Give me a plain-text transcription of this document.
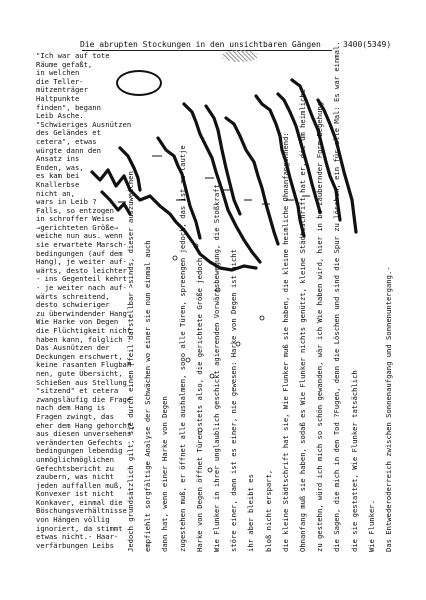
Die abrupten Stockungen in den unsichtbaren Gängen	3400(5349)
"Ich war auf tote
Räume gefaßt,
in welchen
die Teller-
mützenträger
Haltpunkte
finden", begann
Leib Asche.
"Schwieriges Ausnützen
des Geländes et
cetera", etwas
würgte dann den
Ansatz ins
Enden, was,
es kam bei
Knallerbse
nicht an,
wars in Leib ?
Falls, so entzogen
in schroffer Weise
→gerichteten Größe→
weiche nun aus. wenn
sie erwartete Marsch-
bedingungen (auf dem
Hang), je weiter auf-
wärts, desto leichter
- ins Gegenteil kehrt
- je weiter nach auf-
wärts schreitend,
desto schwieriger
zu überwindender Hang.
Wie Harke von Degen
die Flüchtigkeit nicht
haben kann, folglich :
Das Ausnützen der
Deckungen erschwert,
keine rasanten Flugbah-
nen, gute Übersicht,
Schießen aus Stellung
"sitzend" et cetera
zwangsläufig die Frage
nach dem Hang is
Fragen zwingt, das
eher dem Hang gehorcht,
aus diesen unversehens
veränderten Gefechts -
bedingungen lebendig
unmöglichmöglichen
Gefechtsbericht zu
zaubern, was nicht
jeden auffallen muß,
Konvexer ist nicht
Konkaver, einmal die
Böschungsverhältnisse
von Hängen völlig
ignoriert, da stimmt
etwas nicht.- Haar-
verfärbungen Leibs	Jedoch grundsätzlich gilt, sie durch einen Pfeil darstellbar >sinds, dieser auszuweichen empfiehlt sorgfältige Analyse der Schwächen wo einer sie nun einmal auch dann hat, wenn einer Harke von Degen zugestehen muß, er öffnet alle aushalmen, sooo alle Türen, spreengen jedoch, das ist zu lautje Harke von Degen öffnet Türen stets also, die gerichtete Größe jedoch, Wie Flunker in ihrer unglaublich geschickt agierenden Vorwärtsbewegung, die Stoßkraft, störe einer, dann ist es einer, nie gewesen: Harke von Degen ist nicht ihr aber bleibt es bloß nicht erspart, die kleine Städtschrift hat sie, Wie Flunker muß sie haben, die kleine heimliche Ohnanfangohnend: Ohnanfang muß sie haben, sodaß es Wie Flunker nichts genützt, kleine Städteschrift hat er, die um heimliche zu gestehn, würd ich mich so schön gewanden, wär ich Wie haben wird, hier in be zaubernder Form Begehung die Sagen, die mich in den Tod ?Fugen, denn die Löschen und sind die Spur zu löschen, ein für alle Mal: Es war einmal. die sie gestattet, Wie Flunker tatsächlich Wie Flunker. Das Entwederoderreich zwischen Sonnenaufgang und Sonnenuntergang.-
